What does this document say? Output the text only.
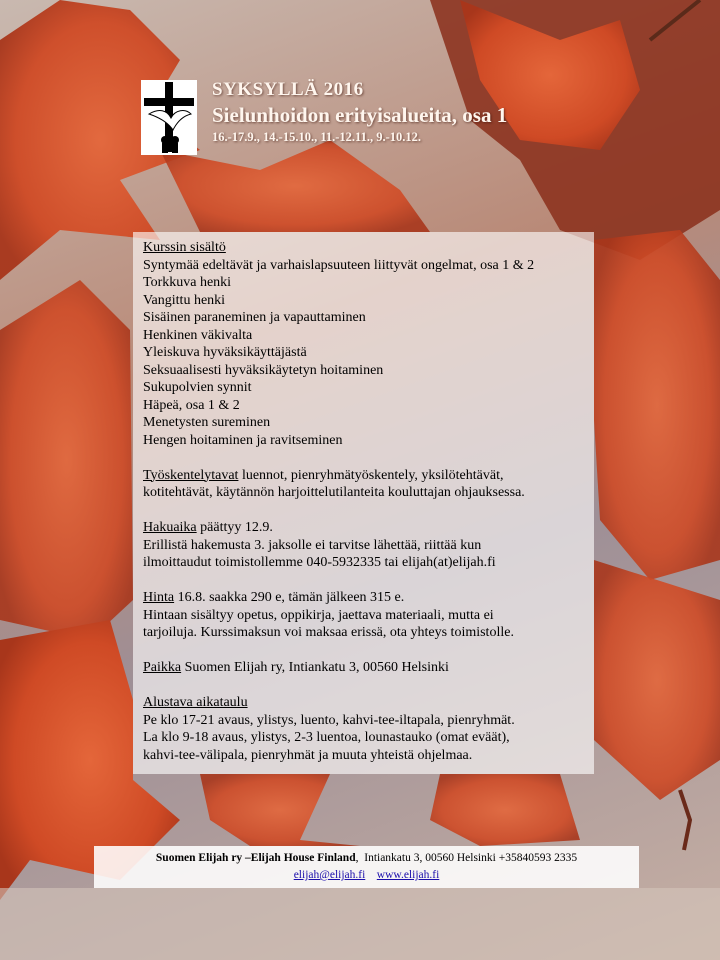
SYKSYLLÄ 2016
Sielunhoidon erityisalueita, osa 1
16.-17.9., 14.-15.10., 11.-12.11., 9.-10.12.
Kurssin sisältö
Syntymää edeltävät ja varhaislapsuuteen liittyvät ongelmat, osa 1 & 2
Torkkuva henki
Vangittu henki
Sisäinen paraneminen ja vapauttaminen
Henkinen väkivalta
Yleiskuva hyväksikäyttäjästä
Seksuaalisesti hyväksikäytetyn hoitaminen
Sukupolvien synnit
Häpeä, osa 1 & 2
Menetysten sureminen
Hengen hoitaminen ja ravitseminen
Työskentelytavat luennot, pienryhmätyöskentely, yksilötehtävät,
kotitehtävät, käytännön harjoittelutilanteita kouluttajan ohjauksessa.
Hakuaika päättyy 12.9.
Erillistä hakemusta 3. jaksolle ei tarvitse lähettää, riittää kun
ilmoittaudut toimistollemme 040-5932335 tai elijah(at)elijah.fi
Hinta 16.8. saakka 290 e, tämän jälkeen 315 e.
Hintaan sisältyy opetus, oppikirja, jaettava materiaali, mutta ei
tarjoiluja. Kurssimaksun voi maksaa erissä, ota yhteys toimistolle.
Paikka Suomen Elijah ry, Intiankatu 3, 00560 Helsinki
Alustava aikataulu
Pe klo 17-21 avaus, ylistys, luento, kahvi-tee-iltapala, pienryhmät.
La klo 9-18 avaus, ylistys, 2-3 luentoa, lounastauko (omat eväät),
kahvi-tee-välipala, pienryhmät ja muuta yhteistä ohjelmaa.
Suomen Elijah ry –Elijah House Finland,  Intiankatu 3, 00560 Helsinki +35840593 2335
elijah@elijah.fi www.elijah.fi
